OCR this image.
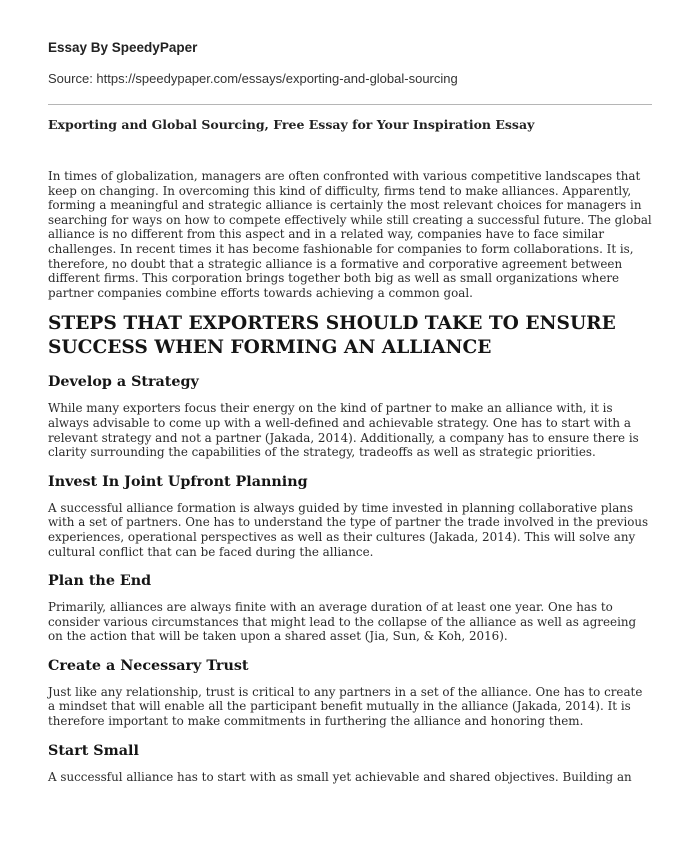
Essay By SpeedyPaper
Source: https://speedypaper.com/essays/exporting-and-global-sourcing
Exporting and Global Sourcing, Free Essay for Your Inspiration Essay

In times of globalization, managers are often confronted with various competitive landscapes that keep on changing. In overcoming this kind of difficulty, firms tend to make alliances. Apparently, forming a meaningful and strategic alliance is certainly the most relevant choices for managers in searching for ways on how to compete effectively while still creating a successful future. The global alliance is no different from this aspect and in a related way, companies have to face similar challenges. In recent times it has become fashionable for companies to form collaborations. It is, therefore, no doubt that a strategic alliance is a formative and corporative agreement between different firms. This corporation brings together both big as well as small organizations where partner companies combine efforts towards achieving a common goal.

STEPS THAT EXPORTERS SHOULD TAKE TO ENSURE SUCCESS WHEN FORMING AN ALLIANCE
Develop a Strategy

While many exporters focus their energy on the kind of partner to make an alliance with, it is always advisable to come up with a well-defined and achievable strategy. One has to start with a relevant strategy and not a partner (Jakada, 2014). Additionally, a company has to ensure there is clarity surrounding the capabilities of the strategy, tradeoffs as well as strategic priorities.

Invest In Joint Upfront Planning

A successful alliance formation is always guided by time invested in planning collaborative plans with a set of partners. One has to understand the type of partner the trade involved in the previous experiences, operational perspectives as well as their cultures (Jakada, 2014). This will solve any cultural conflict that can be faced during the alliance.

Plan the End

Primarily, alliances are always finite with an average duration of at least one year. One has to consider various circumstances that might lead to the collapse of the alliance as well as agreeing on the action that will be taken upon a shared asset (Jia, Sun, & Koh, 2016).

Create a Necessary Trust

Just like any relationship, trust is critical to any partners in a set of the alliance. One has to create a mindset that will enable all the participant benefit mutually in the alliance (Jakada, 2014). It is therefore important to make commitments in furthering the alliance and honoring them.

Start Small

A successful alliance has to start with as small yet achievable and shared objectives. Building an
